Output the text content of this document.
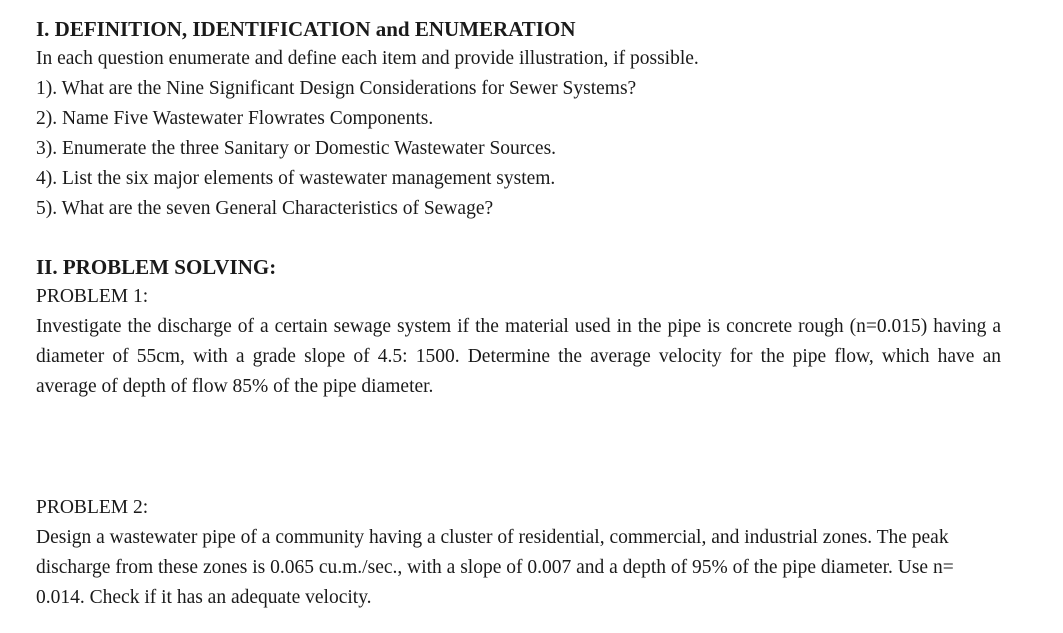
I. DEFINITION, IDENTIFICATION and ENUMERATION
In each question enumerate and define each item and provide illustration, if possible.
1). What are the Nine Significant Design Considerations for Sewer Systems?
2). Name Five Wastewater Flowrates Components.
3). Enumerate the three Sanitary or Domestic Wastewater Sources.
4). List the six major elements of wastewater management system.
5). What are the seven General Characteristics of Sewage?
II. PROBLEM SOLVING:
PROBLEM 1:
Investigate the discharge of a certain sewage system if the material used in the pipe is concrete rough (n=0.015) having a diameter of 55cm, with a grade slope of 4.5: 1500. Determine the average velocity for the pipe flow, which have an average of depth of flow 85% of the pipe diameter.
PROBLEM 2:
Design a wastewater pipe of a community having a cluster of residential, commercial, and industrial zones. The peak discharge from these zones is 0.065 cu.m./sec., with a slope of 0.007 and a depth of 95% of the pipe diameter. Use n= 0.014. Check if it has an adequate velocity.
